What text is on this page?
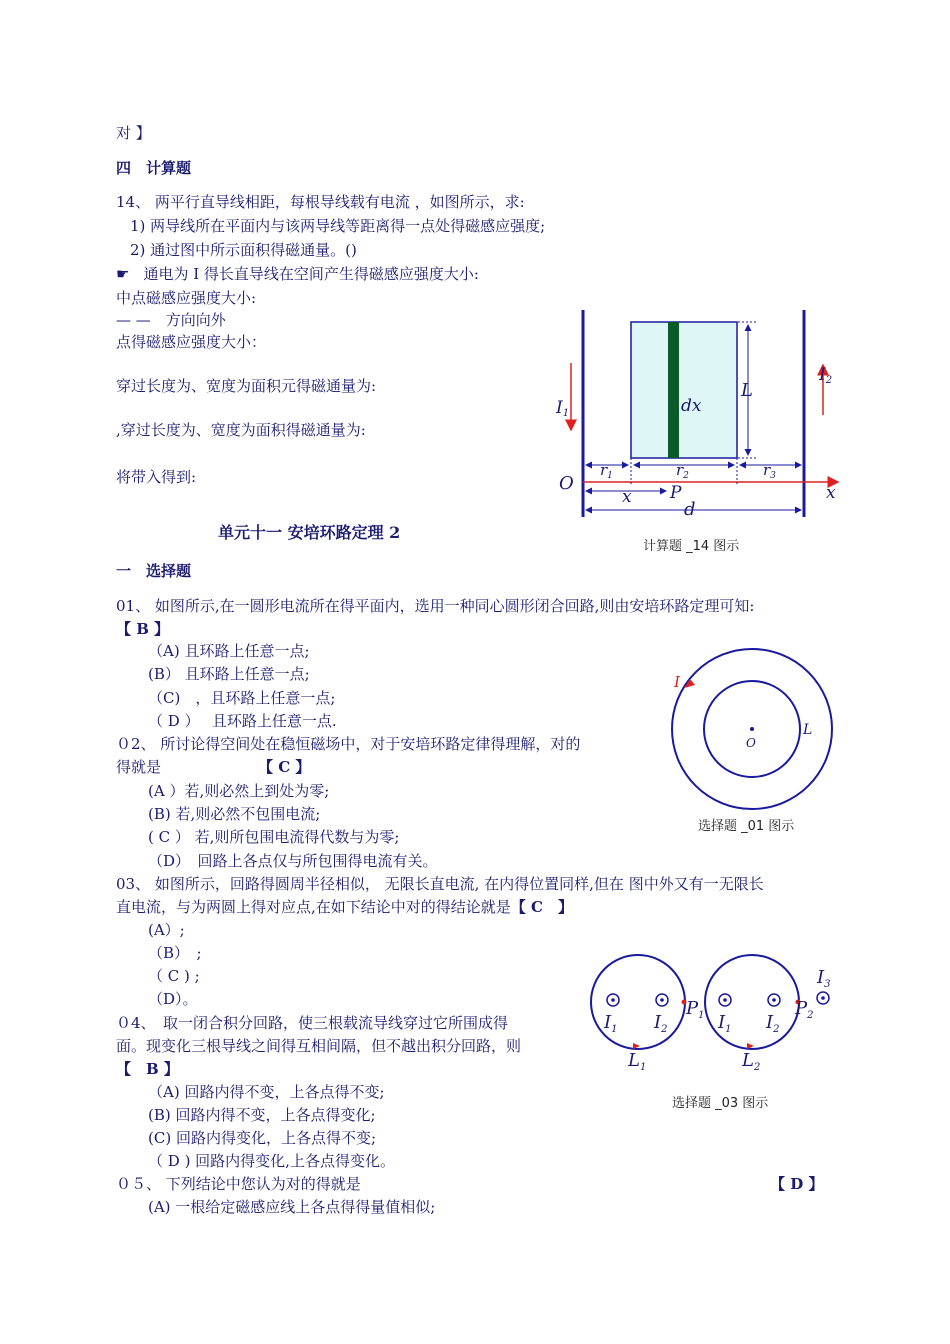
对 】
四　计算题
14、 两平行直导线相距，每根导线载有电流 ，如图所示，求:
1) 两导线所在平面内与该两导线等距离得一点处得磁感应强度;
2) 通过图中所示面积得磁通量。()
☛ 通电为 I 得长直导线在空间产生得磁感应强度大小:
中点磁感应强度大小:
— —　方向向外
点得磁感应强度大小：
穿过长度为、宽度为面积元得磁通量为:
,穿过长度为、宽度为面积得磁通量为:
将带入得到:
单元十一 安培环路定理 2
一　选择题
01、 如图所示,在一圆形电流所在得平面内，选用一种同心圆形闭合回路,则由安培环路定理可知:
【 B 】
（A) 且环路上任意一点;
(B） 且环路上任意一点;
（C)　，且环路上任意一点;
（ D ）　 且环路上任意一点.
０2、 所讨论得空间处在稳恒磁场中，对于安培环路定律得理解，对的
得就是	【 C 】
(A ）若,则必然上到处为零;
(B) 若,则必然不包围电流;
( C ） 若,则所包围电流得代数与为零;
（D）　回路上各点仅与所包围得电流有关。
03、 如图所示，回路得圆周半径相似， 无限长直电流, 在内得位置同样,但在 图中外又有一无限长
直电流，与为两圆上得对应点,在如下结论中对的得结论就是【 C　】
(A）;
（B）　;
（ C ) ;
（D）。
０4、　取一闭合积分回路，使三根载流导线穿过它所围成得
面。现变化三根导线之间得互相间隔，但不越出积分回路，则
【　B 】
（A) 回路内得不变，上各点得不变;
(B) 回路内得不变，上各点得变化;
(C) 回路内得变化，上各点得不变;
（ D ) 回路内得变化,上各点得变化。
０５、 下列结论中您认为对的得就是	【 D 】
(A) 一根给定磁感应线上各点得得量值相似;
I1
I2
dx
L
$r_1$	$r_2$	$r_3$
O
x P
d
x
计算题 _14 图示
I
L
O
选择题 _01 图示
$I_1$ $I_2$
$P_1$ $I_1$ $I_2$
$P_2$
$I_3$
$L_1$	$L_2$
选择题 _03 图示
